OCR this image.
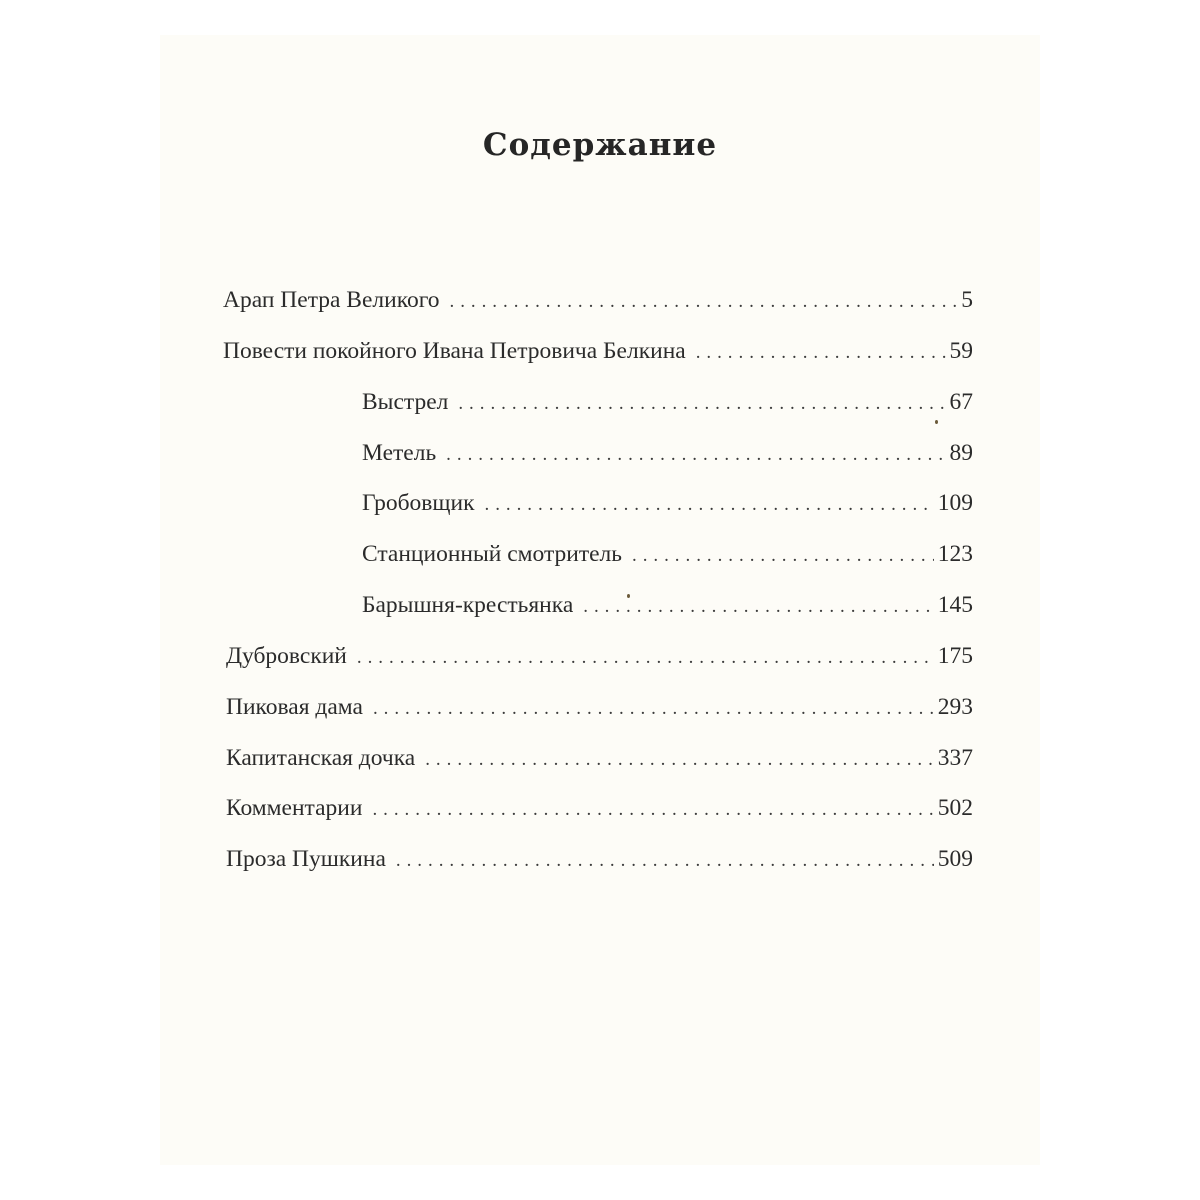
Содержание
Арап Петра Великого . . .	5
Повести покойного Ивана Петровича Белкина . . .	59
Выстрел . . .	67
Метель . . .	89
Гробовщик . . .	109
Станционный смотритель . . .	123
Барышня-крестьянка . . .	145
Дубровский . . .	175
Пиковая дама . . .	293
Капитанская дочка . . .	337
Комментарии . . .	502
Проза Пушкина . . .	509
